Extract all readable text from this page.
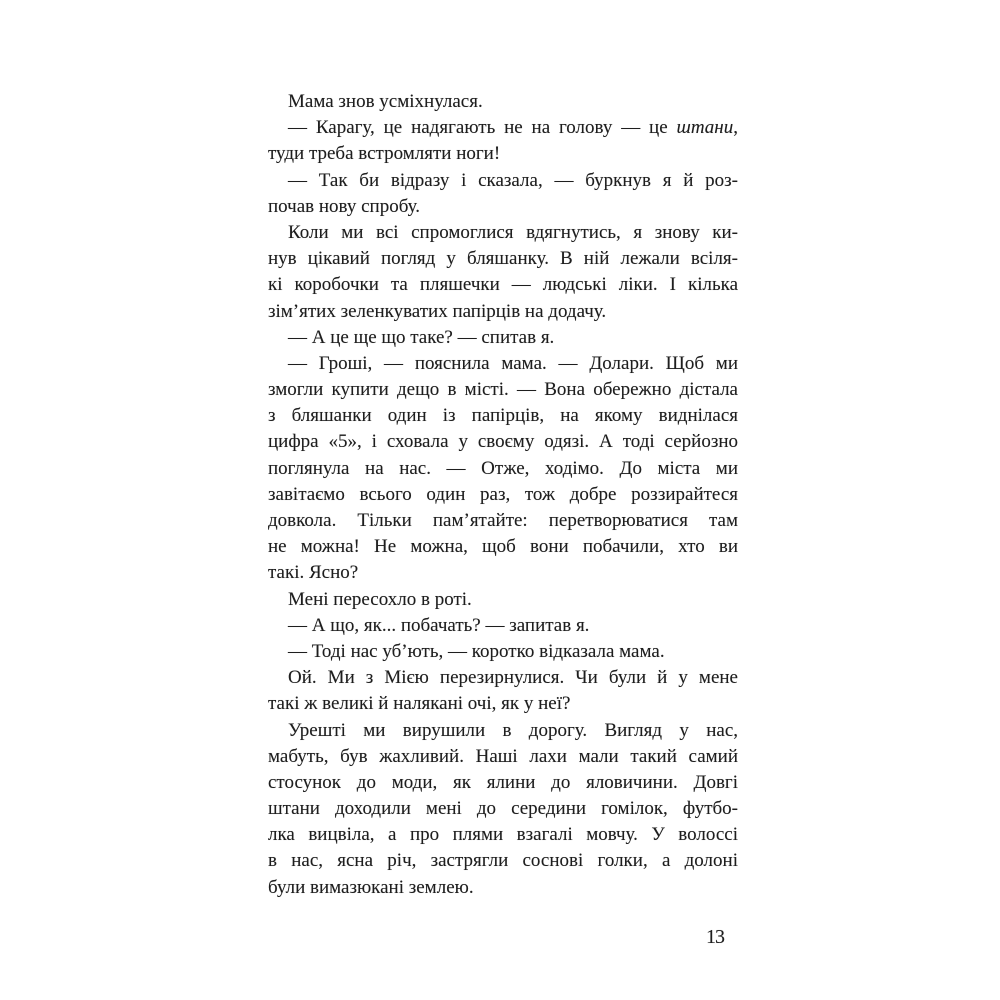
Мама знов усміхнулася.
— Карагу, це надягають не на голову — це штани,
туди треба встромляти ноги!
— Так би відразу і сказала, — буркнув я й роз-
почав нову спробу.
Коли ми всі спромоглися вдягнутись, я знову ки-
нув цікавий погляд у бляшанку. В ній лежали всіля-
кі коробочки та пляшечки — людські ліки. І кілька
зім’ятих зеленкуватих папірців на додачу.
— А це ще що таке? — спитав я.
— Гроші, — пояснила мама. — Долари. Щоб ми
змогли купити дещо в місті. — Вона обережно дістала
з бляшанки один із папірців, на якому виднілася
цифра «5», і сховала у своєму одязі. А тоді серйозно
поглянула на нас. — Отже, ходімо. До міста ми
завітаємо всього один раз, тож добре роззирайтеся
довкола. Тільки пам’ятайте: перетворюватися там
не можна! Не можна, щоб вони побачили, хто ви
такі. Ясно?
Мені пересохло в роті.
— А що, як... побачать? — запитав я.
— Тоді нас уб’ють, — коротко відказала мама.
Ой. Ми з Мією перезирнулися. Чи були й у мене
такі ж великі й налякані очі, як у неї?
Урешті ми вирушили в дорогу. Вигляд у нас,
мабуть, був жахливий. Наші лахи мали такий самий
стосунок до моди, як ялини до яловичини. Довгі
штани доходили мені до середини гомілок, футбо-
лка вицвіла, а про плями взагалі мовчу. У волоссі
в нас, ясна річ, застрягли соснові голки, а долоні
були вимазюкані землею.
13
